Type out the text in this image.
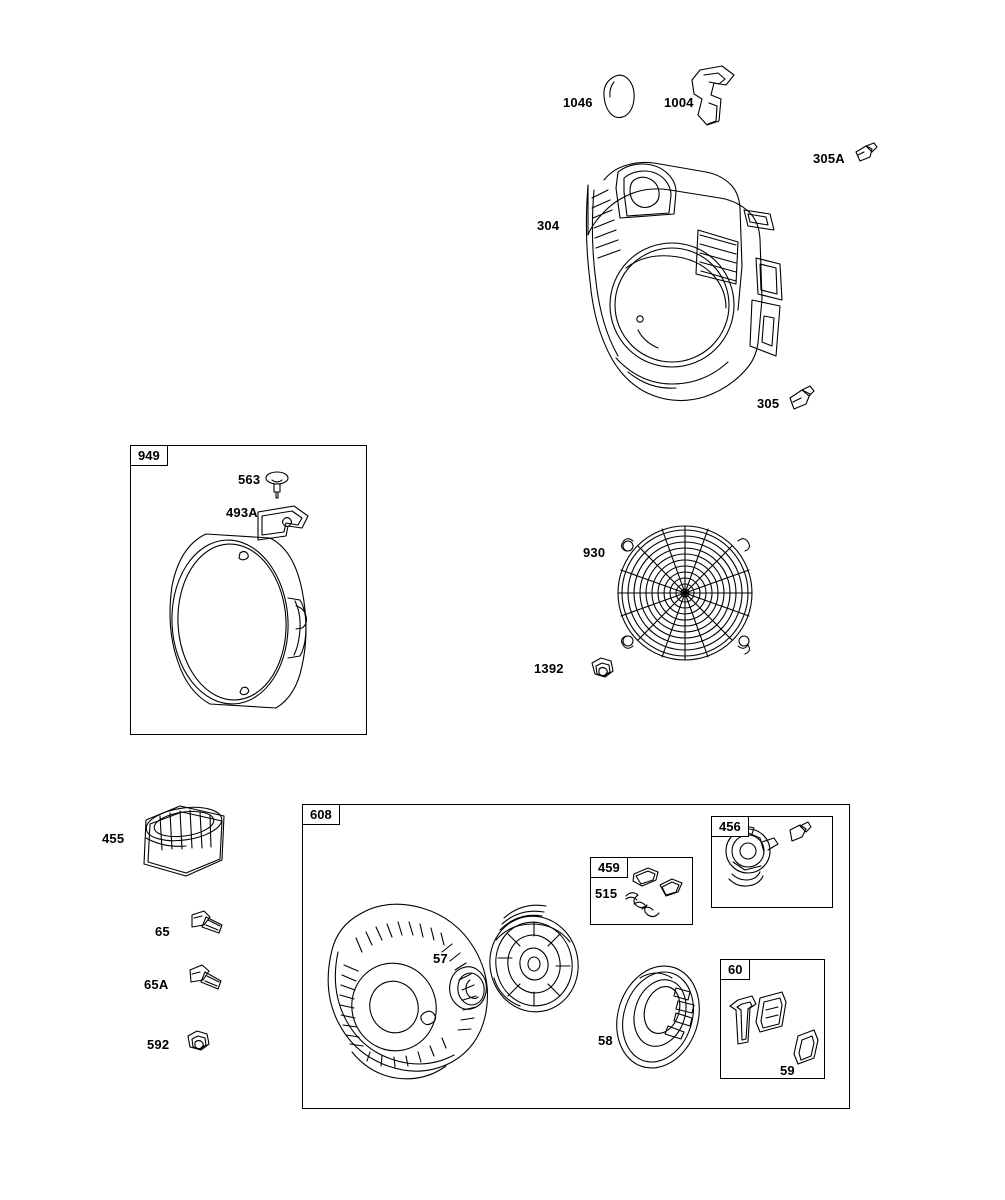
949
608
456
459
60
1046	1004
305A
304
305
563
493A
930
1392
455
65
65A
592
515
57
58
59
